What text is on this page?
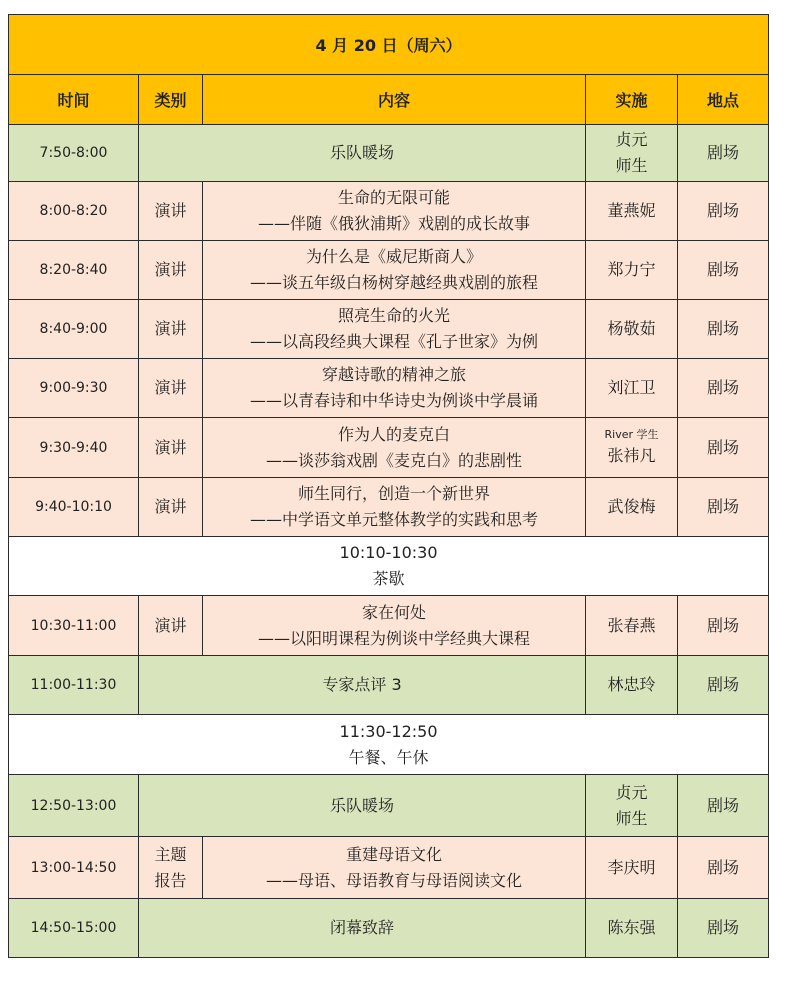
4 月 20 日（周六）				
时间	类别	内容	实施	地点
7:50-8:00	乐队暖场		贞元
师生	剧场
8:00-8:20	演讲	生命的无限可能
——伴随《俄狄浦斯》戏剧的成长故事	董燕妮	剧场
8:20-8:40	演讲	为什么是《威尼斯商人》
——谈五年级白杨树穿越经典戏剧的旅程	郑力宁	剧场
8:40-9:00	演讲	照亮生命的火光
——以高段经典大课程《孔子世家》为例	杨敬茹	剧场
9:00-9:30	演讲	穿越诗歌的精神之旅
——以青春诗和中华诗史为例谈中学晨诵	刘江卫	剧场
9:30-9:40	演讲	作为人的麦克白
——谈莎翁戏剧《麦克白》的悲剧性	River 学生
张祎凡	剧场
9:40-10:10	演讲	师生同行，创造一个新世界
——中学语文单元整体教学的实践和思考	武俊梅	剧场

10:10-10:30
茶歇				

10:30-11:00	演讲	家在何处
——以阳明课程为例谈中学经典大课程	张春燕	剧场
11:00-11:30	专家点评 3		林忠玲	剧场

11:30-12:50
午餐、午休				

12:50-13:00	乐队暖场		贞元
师生	剧场
13:00-14:50	主题
报告	重建母语文化
——母语、母语教育与母语阅读文化	李庆明	剧场
14:50-15:00	闭幕致辞		陈东强	剧场
